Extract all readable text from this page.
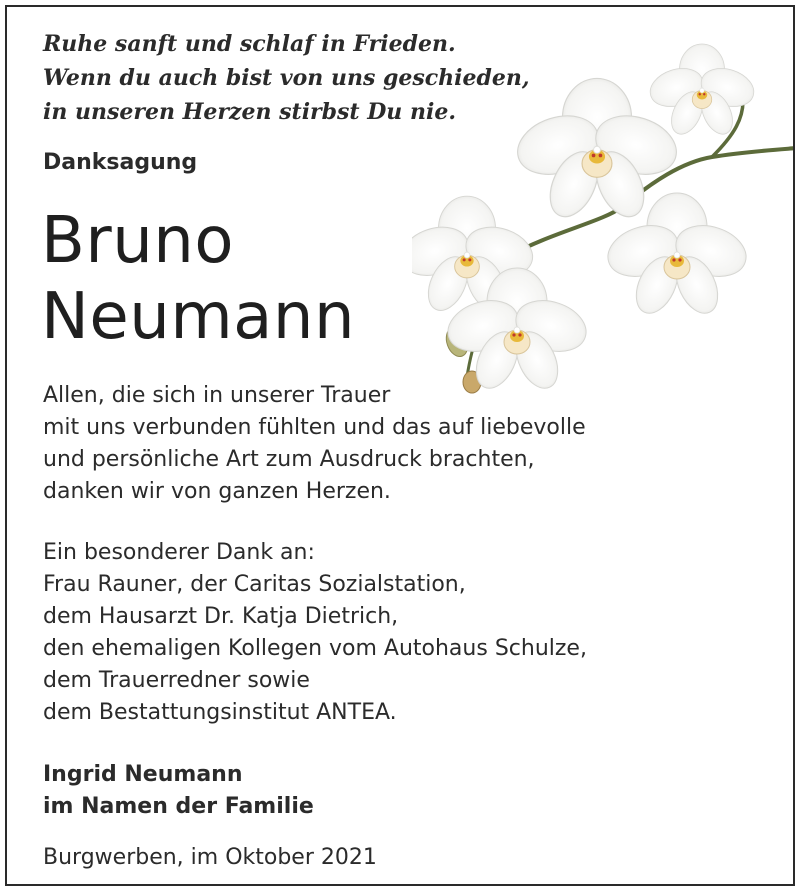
Ruhe sanft und schlaf in Frieden.
Wenn du auch bist von uns geschieden,
in unseren Herzen stirbst Du nie.

Danksagung
Bruno
Neumann

Allen, die sich in unserer Trauer
mit uns verbunden fühlten und das auf liebevolle
und persönliche Art zum Ausdruck brachten,
danken wir von ganzen Herzen.

Ein besonderer Dank an:
Frau Rauner, der Caritas Sozialstation,
dem Hausarzt Dr. Katja Dietrich,
den ehemaligen Kollegen vom Autohaus Schulze,
dem Trauerredner sowie
dem Bestattungsinstitut ANTEA.

Ingrid Neumann
im Namen der Familie

Burgwerben, im Oktober 2021
